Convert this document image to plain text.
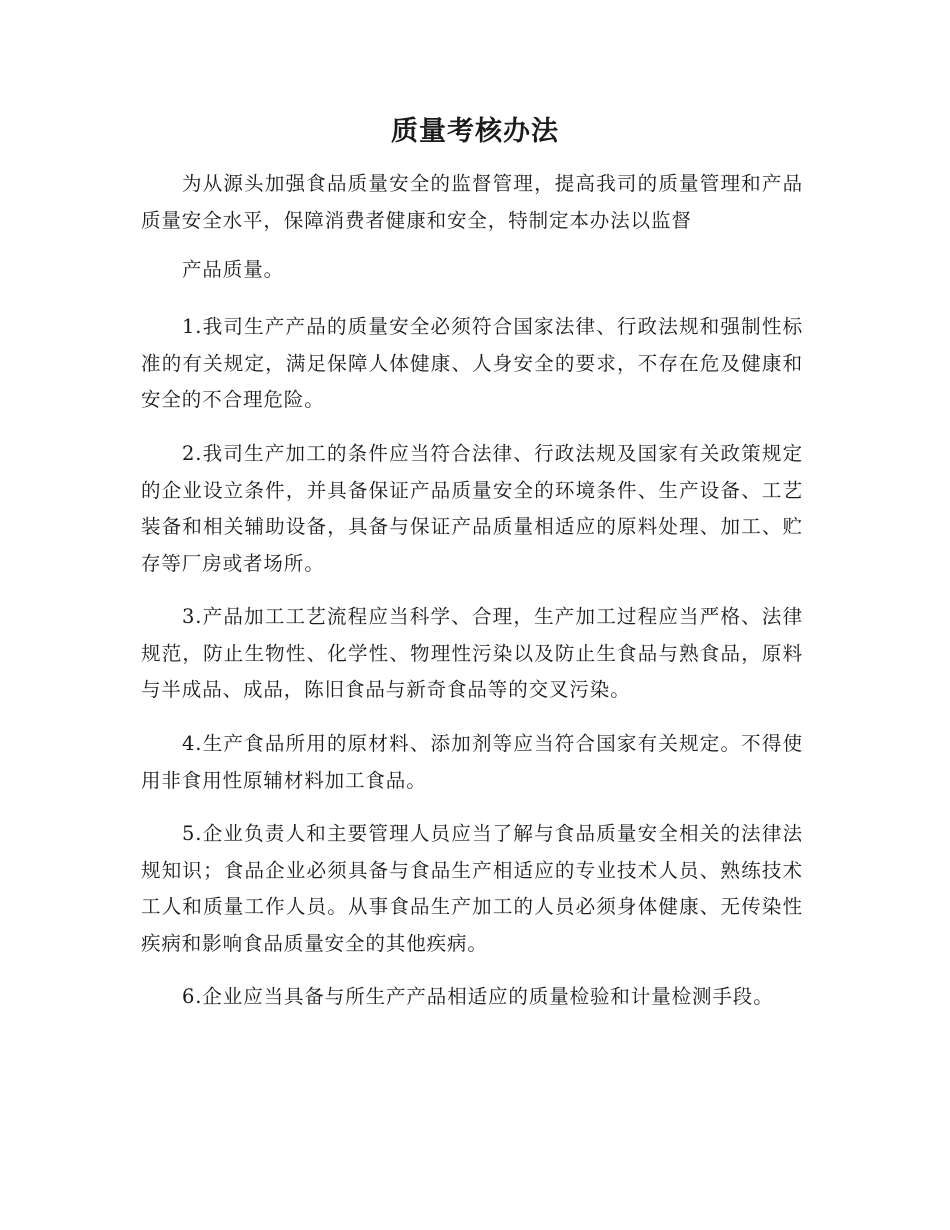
质量考核办法

为从源头加强食品质量安全的监督管理，提高我司的质量管理和产品质量安全水平，保障消费者健康和安全，特制定本办法以监督

产品质量。

1.我司生产产品的质量安全必须符合国家法律、行政法规和强制性标准的有关规定，满足保障人体健康、人身安全的要求，不存在危及健康和安全的不合理危险。

2.我司生产加工的条件应当符合法律、行政法规及国家有关政策规定的企业设立条件，并具备保证产品质量安全的环境条件、生产设备、工艺装备和相关辅助设备，具备与保证产品质量相适应的原料处理、加工、贮存等厂房或者场所。

3.产品加工工艺流程应当科学、合理，生产加工过程应当严格、法律规范，防止生物性、化学性、物理性污染以及防止生食品与熟食品，原料与半成品、成品，陈旧食品与新奇食品等的交叉污染。

4.生产食品所用的原材料、添加剂等应当符合国家有关规定。不得使用非食用性原辅材料加工食品。

5.企业负责人和主要管理人员应当了解与食品质量安全相关的法律法规知识；食品企业必须具备与食品生产相适应的专业技术人员、熟练技术工人和质量工作人员。从事食品生产加工的人员必须身体健康、无传染性疾病和影响食品质量安全的其他疾病。

6.企业应当具备与所生产产品相适应的质量检验和计量检测手段。
